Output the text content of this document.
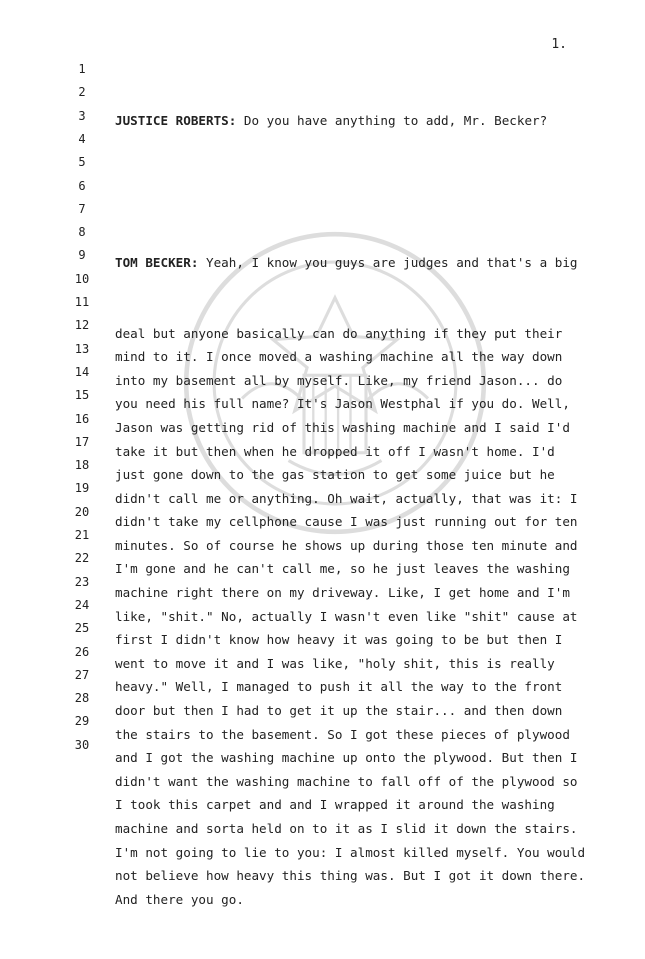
1.
1
2
3
4
5
6
7
8
9
10
11
12
13
14
15
16
17
18
19
20
21
22
23
24
25
26
27
28
29
30

JUSTICE ROBERTS: Do you have anything to add, Mr. Becker?

TOM BECKER: Yeah, I know you guys are judges and that's a big

deal but anyone basically can do anything if they put their
mind to it. I once moved a washing machine all the way down
into my basement all by myself. Like, my friend Jason... do
you need his full name? It's Jason Westphal if you do. Well,
Jason was getting rid of this washing machine and I said I'd
take it but then when he dropped it off I wasn't home. I'd
just gone down to the gas station to get some juice but he
didn't call me or anything. Oh wait, actually, that was it: I
didn't take my cellphone cause I was just running out for ten
minutes. So of course he shows up during those ten minute and
I'm gone and he can't call me, so he just leaves the washing
machine right there on my driveway. Like, I get home and I'm
like, "shit." No, actually I wasn't even like "shit" cause at
first I didn't know how heavy it was going to be but then I
went to move it and I was like, "holy shit, this is really
heavy." Well, I managed to push it all the way to the front
door but then I had to get it up the stair... and then down
the stairs to the basement. So I got these pieces of plywood
and I got the washing machine up onto the plywood. But then I
didn't want the washing machine to fall off of the plywood so
I took this carpet and and I wrapped it around the washing
machine and sorta held on to it as I slid it down the stairs.
I'm not going to lie to you: I almost killed myself. You would
not believe how heavy this thing was. But I got it down there.
And there you go.
